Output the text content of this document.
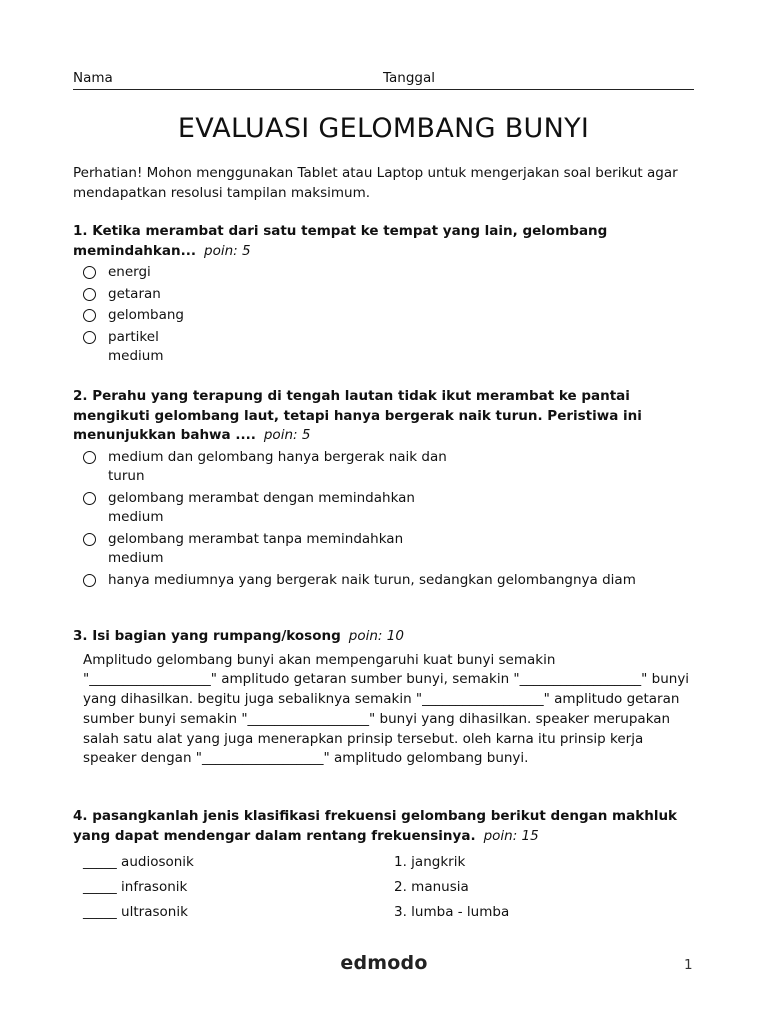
Nama	Tanggal
EVALUASI GELOMBANG BUNYI
Perhatian! Mohon menggunakan Tablet atau Laptop untuk mengerjakan soal berikut agar mendapatkan resolusi tampilan maksimum.
1. Ketika merambat dari satu tempat ke tempat yang lain, gelombang memindahkan... poin: 5
energi
getaran
gelombang
partikel medium
2. Perahu yang terapung di tengah lautan tidak ikut merambat ke pantai mengikuti gelombang laut, tetapi hanya bergerak naik turun. Peristiwa ini menunjukkan bahwa .... poin: 5
medium dan gelombang hanya bergerak naik dan turun
gelombang merambat dengan memindahkan medium
gelombang merambat tanpa memindahkan medium
hanya mediumnya yang bergerak naik turun, sedangkan gelombangnya diam
3. Isi bagian yang rumpang/kosong poin: 10
Amplitudo gelombang bunyi akan mempengaruhi kuat bunyi semakin "__________________" amplitudo getaran sumber bunyi, semakin "__________________" bunyi yang dihasilkan. begitu juga sebaliknya semakin "__________________" amplitudo getaran sumber bunyi semakin "__________________" bunyi yang dihasilkan. speaker merupakan salah satu alat yang juga menerapkan prinsip tersebut. oleh karna itu prinsip kerja speaker dengan "__________________" amplitudo gelombang bunyi.
4. pasangkanlah jenis klasifikasi frekuensi gelombang berikut dengan makhluk yang dapat mendengar dalam rentang frekuensinya. poin: 15
_____ audiosonik	1. jangkrik
_____ infrasonik	2. manusia
_____ ultrasonik	3. lumba - lumba
edmodo	1
